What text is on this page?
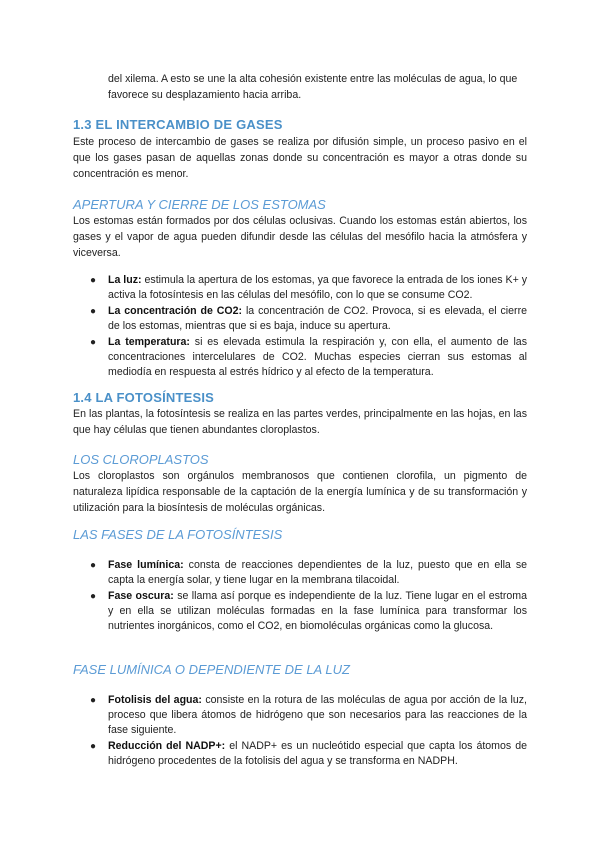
del xilema. A esto se une la alta cohesión existente entre las moléculas de agua, lo que favorece su desplazamiento hacia arriba.

1.3 EL INTERCAMBIO DE GASES

Este proceso de intercambio de gases se realiza por difusión simple, un proceso pasivo en el que los gases pasan de aquellas zonas donde su concentración es mayor a otras donde su concentración es menor.

APERTURA Y CIERRE DE LOS ESTOMAS

Los estomas están formados por dos células oclusivas. Cuando los estomas están abiertos, los gases y el vapor de agua pueden difundir desde las células del mesófilo hacia la atmósfera y viceversa.

● La luz: estimula la apertura de los estomas, ya que favorece la entrada de los iones K+ y activa la fotosíntesis en las células del mesófilo, con lo que se consume CO2.
● La concentración de CO2: la concentración de CO2. Provoca, si es elevada, el cierre de los estomas, mientras que si es baja, induce su apertura.
● La temperatura: si es elevada estimula la respiración y, con ella, el aumento de las concentraciones intercelulares de CO2. Muchas especies cierran sus estomas al mediodía en respuesta al estrés hídrico y al efecto de la temperatura.
1.4 LA FOTOSÍNTESIS

En las plantas, la fotosíntesis se realiza en las partes verdes, principalmente en las hojas, en las que hay células que tienen abundantes cloroplastos.

LOS CLOROPLASTOS

Los cloroplastos son orgánulos membranosos que contienen clorofila, un pigmento de naturaleza lipídica responsable de la captación de la energía lumínica y de su transformación y utilización para la biosíntesis de moléculas orgánicas.

LAS FASES DE LA FOTOSÍNTESIS
● Fase lumínica: consta de reacciones dependientes de la luz, puesto que en ella se capta la energía solar, y tiene lugar en la membrana tilacoidal.
● Fase oscura: se llama así porque es independiente de la luz. Tiene lugar en el estroma y en ella se utilizan moléculas formadas en la fase lumínica para transformar los nutrientes inorgánicos, como el CO2, en biomoléculas orgánicas como la glucosa.
FASE LUMÍNICA O DEPENDIENTE DE LA LUZ
● Fotolisis del agua: consiste en la rotura de las moléculas de agua por acción de la luz, proceso que libera átomos de hidrógeno que son necesarios para las reacciones de la fase siguiente.
● Reducción del NADP+: el NADP+ es un nucleótido especial que capta los átomos de hidrógeno procedentes de la fotolisis del agua y se transforma en NADPH.
